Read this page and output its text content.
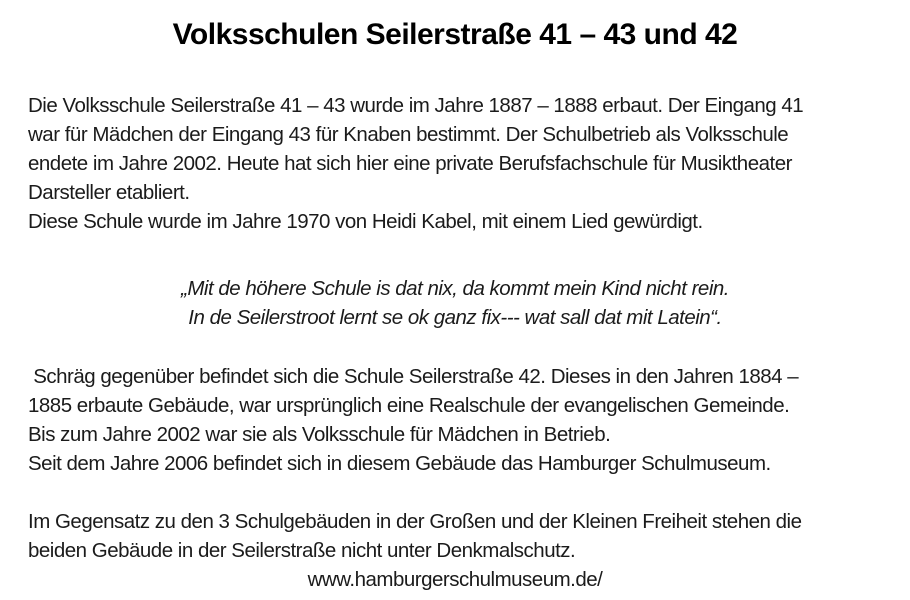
Volksschulen Seilerstraße 41 – 43 und 42
Die Volksschule Seilerstraße 41 – 43 wurde im Jahre 1887 – 1888 erbaut. Der Eingang 41
war für Mädchen der Eingang 43 für Knaben bestimmt. Der Schulbetrieb als Volksschule
endete im Jahre 2002. Heute hat sich hier eine private Berufsfachschule für Musiktheater
Darsteller etabliert.
Diese Schule wurde im Jahre 1970 von Heidi Kabel, mit einem Lied gewürdigt.
„Mit de höhere Schule is dat nix, da kommt mein Kind nicht rein.
In de Seilerstroot lernt se ok ganz fix--- wat sall dat mit Latein“.
Schräg gegenüber befindet sich die Schule Seilerstraße 42. Dieses in den Jahren 1884 –
1885 erbaute Gebäude, war ursprünglich eine Realschule der evangelischen Gemeinde.
Bis zum Jahre 2002 war sie als Volksschule für Mädchen in Betrieb.
Seit dem Jahre 2006 befindet sich in diesem Gebäude das Hamburger Schulmuseum.
Im Gegensatz zu den 3 Schulgebäuden in der Großen und der Kleinen Freiheit stehen die
beiden Gebäude in der Seilerstraße nicht unter Denkmalschutz.
www.hamburgerschulmuseum.de/
